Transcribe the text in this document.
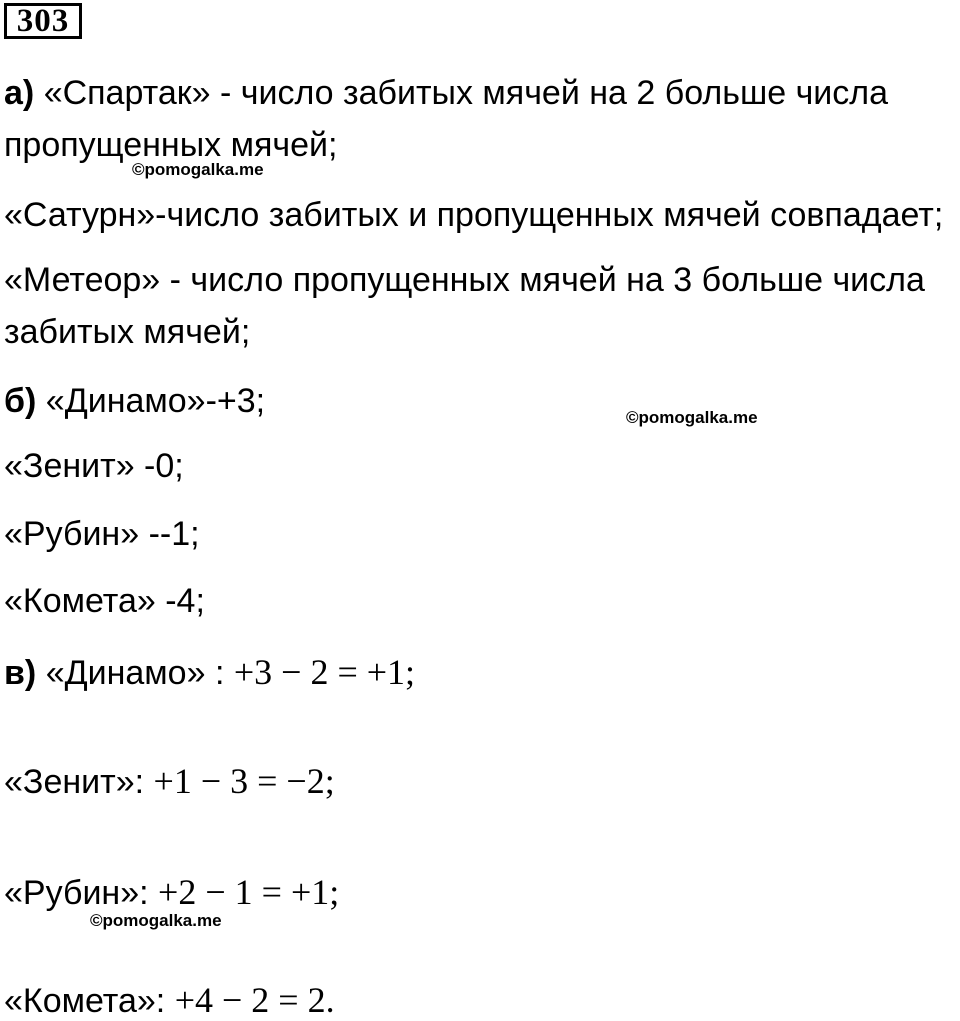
303
а) «Спартак» - число забитых мячей на 2 больше числа
пропущенных мячей;
©pomogalka.me
«Сатурн»-число забитых и пропущенных мячей совпадает;
«Метеор» - число пропущенных мячей на 3 больше числа
забитых мячей;
б) «Динамо»-+3;	©pomogalka.me
«Зенит» -0;
«Рубин» --1;
«Комета» -4;
в) «Динамо» : +3 − 2 = +1;
«Зенит»: +1 − 3 = −2;
«Рубин»: +2 − 1 = +1;
©pomogalka.me
«Комета»: +4 − 2 = 2.
